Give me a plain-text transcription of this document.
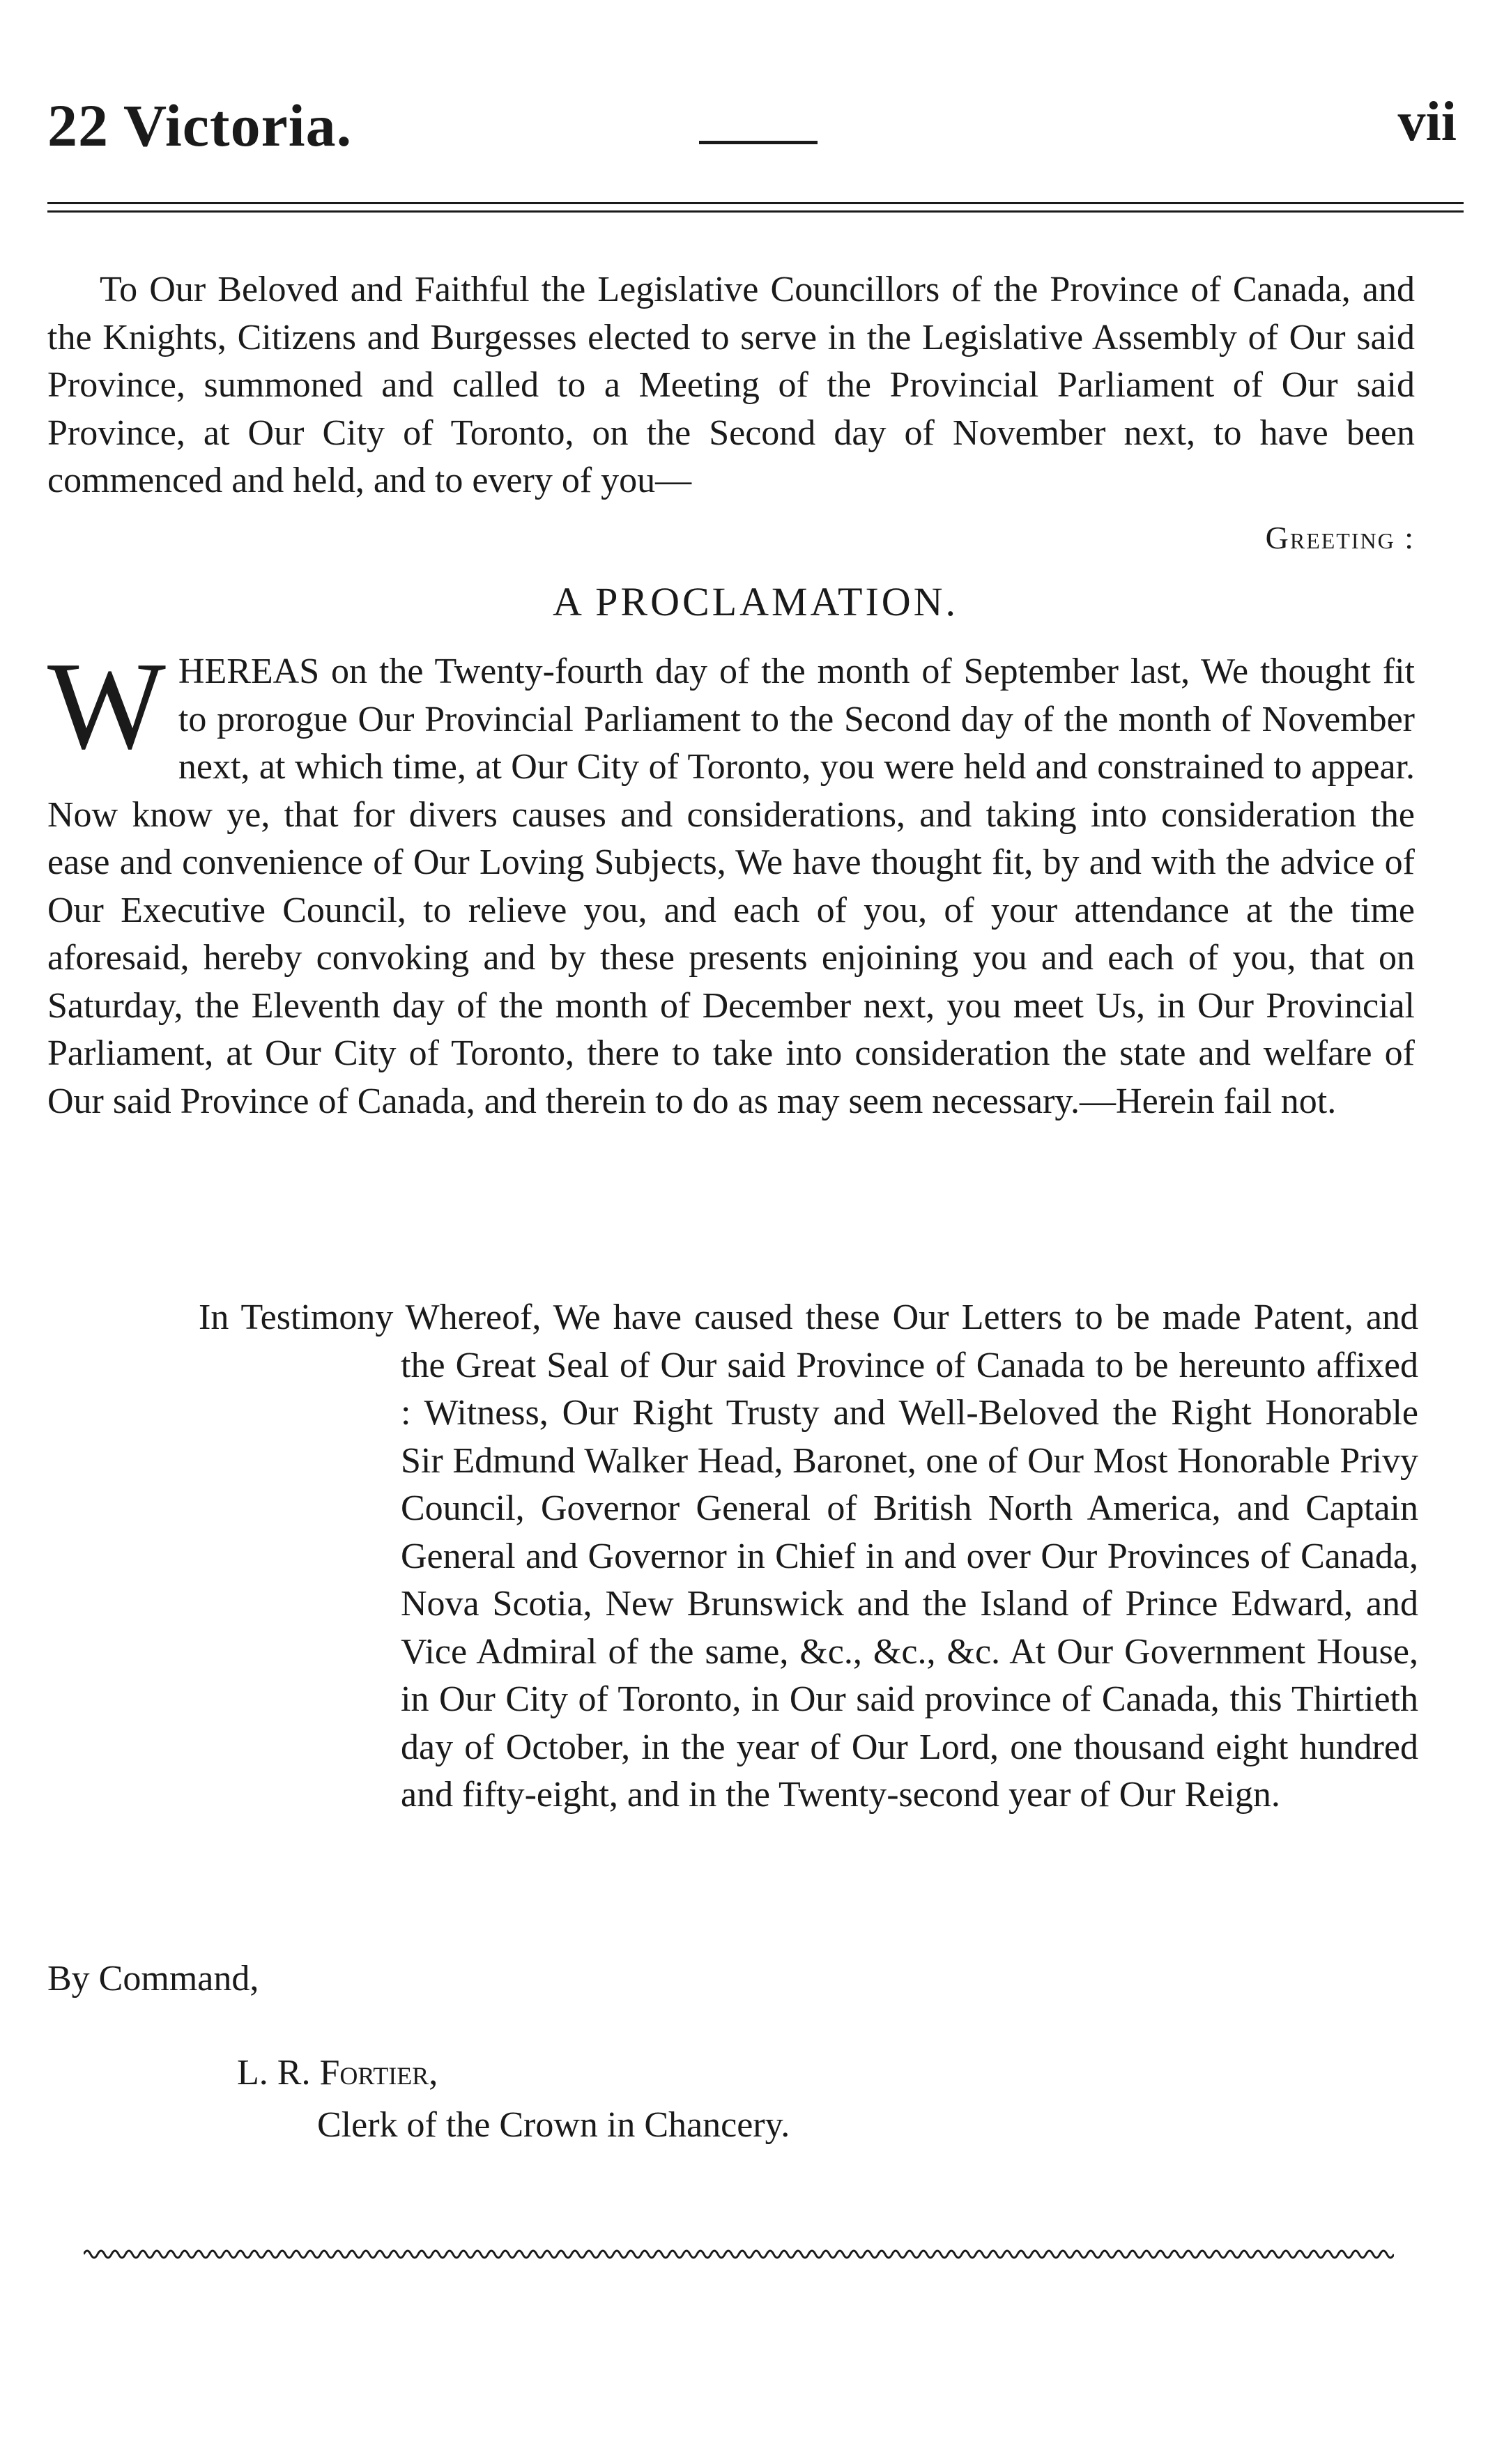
22 Victoria.	vii

To Our Beloved and Faithful the Legislative Councillors of the Province of Canada, and the Knights, Citizens and Burgesses elected to serve in the Legislative Assembly of Our said Province, summoned and called to a Meeting of the Provincial Parliament of Our said Province, at Our City of Toronto, on the Second day of November next, to have been commenced and held, and to every of you—

Greeting :
A PROCLAMATION.
W HEREAS on the Twenty-fourth day of the month of September last, We thought fit to prorogue Our Provincial Parliament to the Second day of the month of November next, at which time, at Our City of Toronto, you were held and constrained to appear. Now know ye, that for divers causes and considerations, and taking into consideration the ease and convenience of Our Loving Subjects, We have thought fit, by and with the advice of Our Executive Council, to relieve you, and each of you, of your attendance at the time aforesaid, hereby convoking and by these presents enjoining you and each of you, that on Saturday, the Eleventh day of the month of December next, you meet Us, in Our Provincial Parliament, at Our City of Toronto, there to take into consideration the state and welfare of Our said Province of Canada, and therein to do as may seem necessary.—Herein fail not.

In Testimony Whereof, We have caused these Our Letters to be made Patent, and the Great Seal of Our said Province of Canada to be hereunto affixed : Witness, Our Right Trusty and Well-Beloved the Right Honorable Sir Edmund Walker Head, Baronet, one of Our Most Honorable Privy Council, Governor General of British North America, and Captain General and Governor in Chief in and over Our Provinces of Canada, Nova Scotia, New Brunswick and the Island of Prince Edward, and Vice Admiral of the same, &c., &c., &c. At Our Government House, in Our City of Toronto, in Our said province of Canada, this Thirtieth day of October, in the year of Our Lord, one thousand eight hundred and fifty-eight, and in the Twenty-second year of Our Reign.

By Command,
L. R. Fortier,
Clerk of the Crown in Chancery.
